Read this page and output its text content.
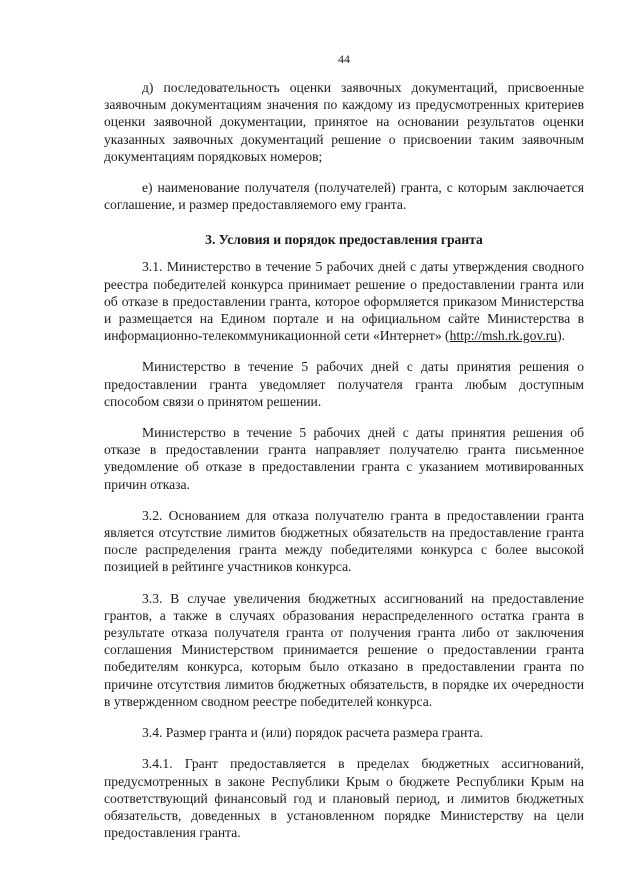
44

д) последовательность оценки заявочных документаций, присвоенные заявочным документациям значения по каждому из предусмотренных критериев оценки заявочной документации, принятое на основании результатов оценки указанных заявочных документаций решение о присвоении таким заявочным документациям порядковых номеров;

е) наименование получателя (получателей) гранта, с которым заключается соглашение, и размер предоставляемого ему гранта.

3. Условия и порядок предоставления гранта

3.1. Министерство в течение 5 рабочих дней с даты утверждения сводного реестра победителей конкурса принимает решение о предоставлении гранта или об отказе в предоставлении гранта, которое оформляется приказом Министерства и размещается на Едином портале и на официальном сайте Министерства в информационно-телекоммуникационной сети «Интернет» (http://msh.rk.gov.ru).

Министерство в течение 5 рабочих дней с даты принятия решения о предоставлении гранта уведомляет получателя гранта любым доступным способом связи о принятом решении.

Министерство в течение 5 рабочих дней с даты принятия решения об отказе в предоставлении гранта направляет получателю гранта письменное уведомление об отказе в предоставлении гранта с указанием мотивированных причин отказа.

3.2. Основанием для отказа получателю гранта в предоставлении гранта является отсутствие лимитов бюджетных обязательств на предоставление гранта после распределения гранта между победителями конкурса с более высокой позицией в рейтинге участников конкурса.

3.3. В случае увеличения бюджетных ассигнований на предоставление грантов, а также в случаях образования нераспределенного остатка гранта в результате отказа получателя гранта от получения гранта либо от заключения соглашения Министерством принимается решение о предоставлении гранта победителям конкурса, которым было отказано в предоставлении гранта по причине отсутствия лимитов бюджетных обязательств, в порядке их очередности в утвержденном сводном реестре победителей конкурса.

3.4. Размер гранта и (или) порядок расчета размера гранта.

3.4.1. Грант предоставляется в пределах бюджетных ассигнований, предусмотренных в законе Республики Крым о бюджете Республики Крым на соответствующий финансовый год и плановый период, и лимитов бюджетных обязательств, доведенных в установленном порядке Министерству на цели предоставления гранта.
